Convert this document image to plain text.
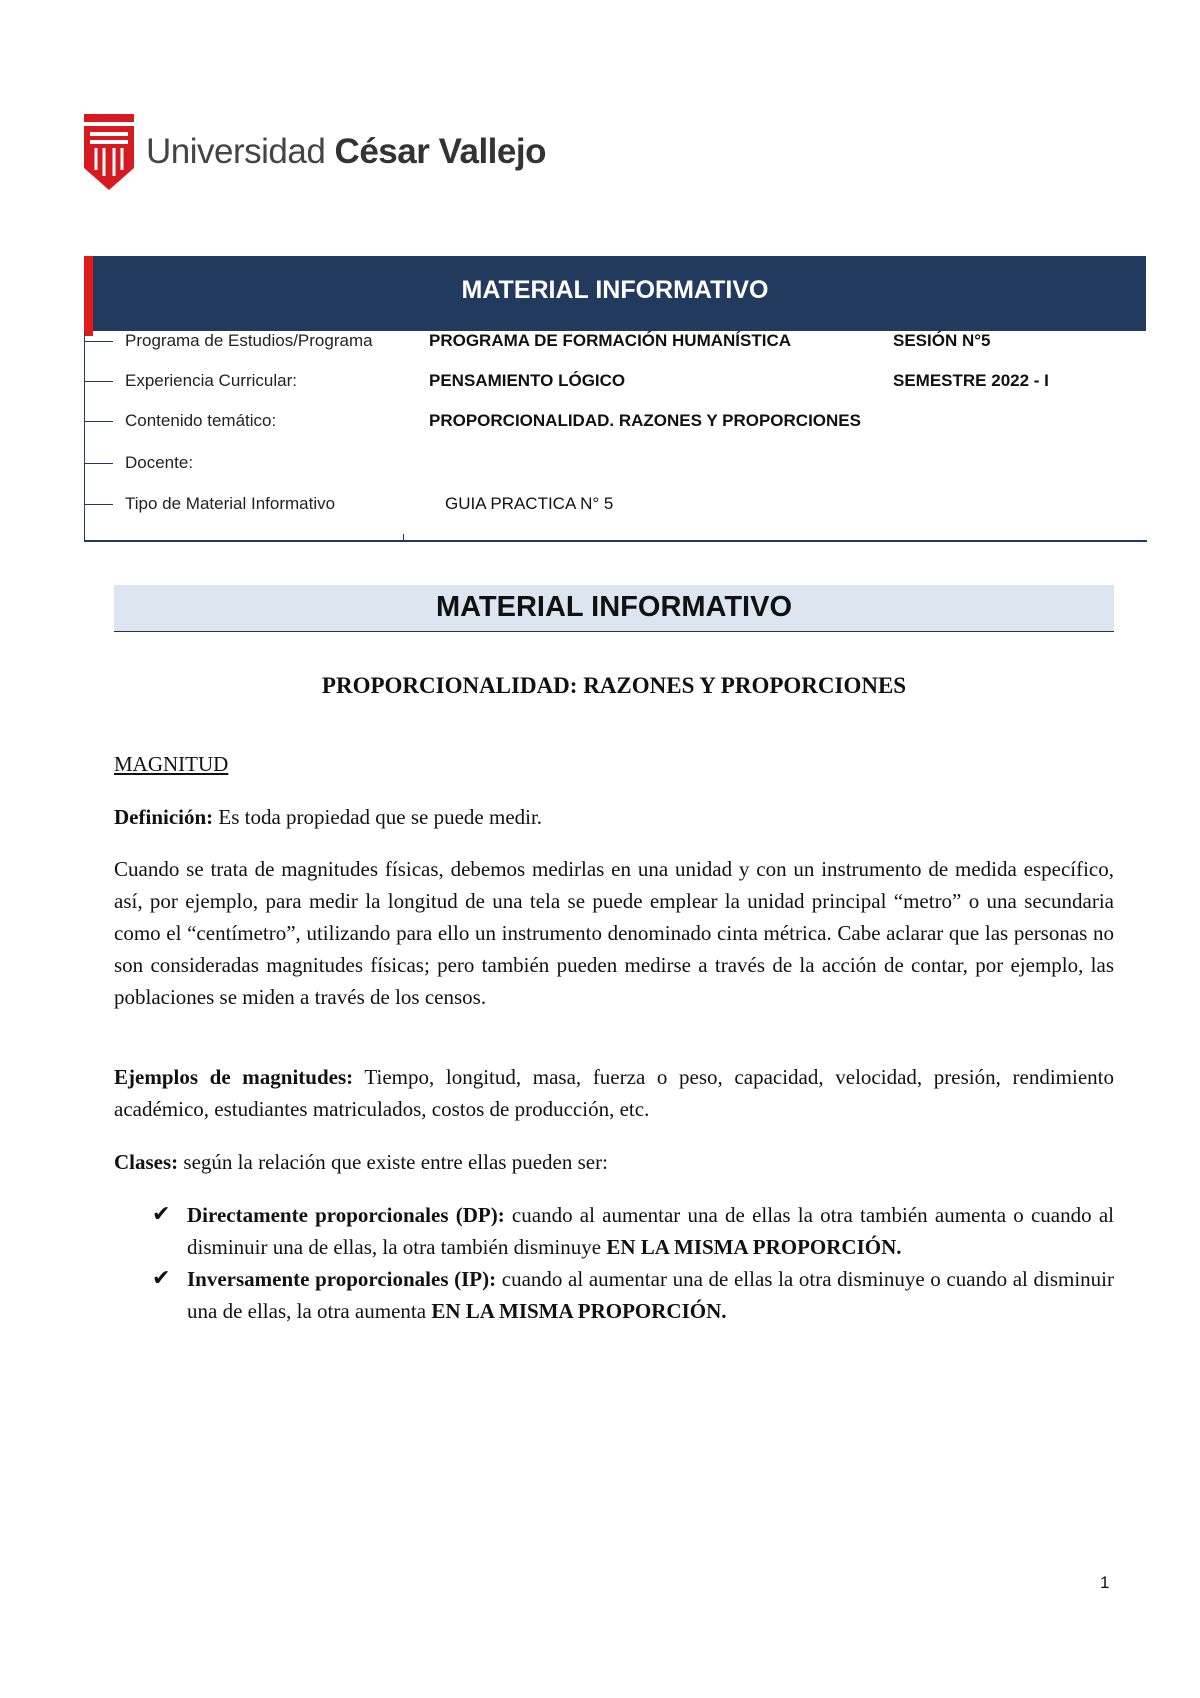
Universidad César Vallejo
MATERIAL INFORMATIVO
Programa de Estudios/Programa	PROGRAMA DE FORMACIÓN HUMANÍSTICA	SESIÓN N°5
Experiencia Curricular:	PENSAMIENTO LÓGICO	SEMESTRE 2022 - I
Contenido temático:	PROPORCIONALIDAD. RAZONES Y PROPORCIONES
Docente:
Tipo de Material Informativo	GUIA PRACTICA N° 5
MATERIAL INFORMATIVO
PROPORCIONALIDAD: RAZONES Y PROPORCIONES
MAGNITUD
Definición: Es toda propiedad que se puede medir.
Cuando se trata de magnitudes físicas, debemos medirlas en una unidad y con un instrumento de medida específico, así, por ejemplo, para medir la longitud de una tela se puede emplear la unidad principal “metro” o una secundaria como el “centímetro”, utilizando para ello un instrumento denominado cinta métrica. Cabe aclarar que las personas no son consideradas magnitudes físicas; pero también pueden medirse a través de la acción de contar, por ejemplo, las poblaciones se miden a través de los censos.
Ejemplos de magnitudes: Tiempo, longitud, masa, fuerza o peso, capacidad, velocidad, presión, rendimiento académico, estudiantes matriculados, costos de producción, etc.
Clases: según la relación que existe entre ellas pueden ser:
✔ Directamente proporcionales (DP): cuando al aumentar una de ellas la otra también aumenta o cuando al disminuir una de ellas, la otra también disminuye EN LA MISMA PROPORCIÓN.
✔ Inversamente proporcionales (IP): cuando al aumentar una de ellas la otra disminuye o cuando al disminuir una de ellas, la otra aumenta EN LA MISMA PROPORCIÓN.
1
